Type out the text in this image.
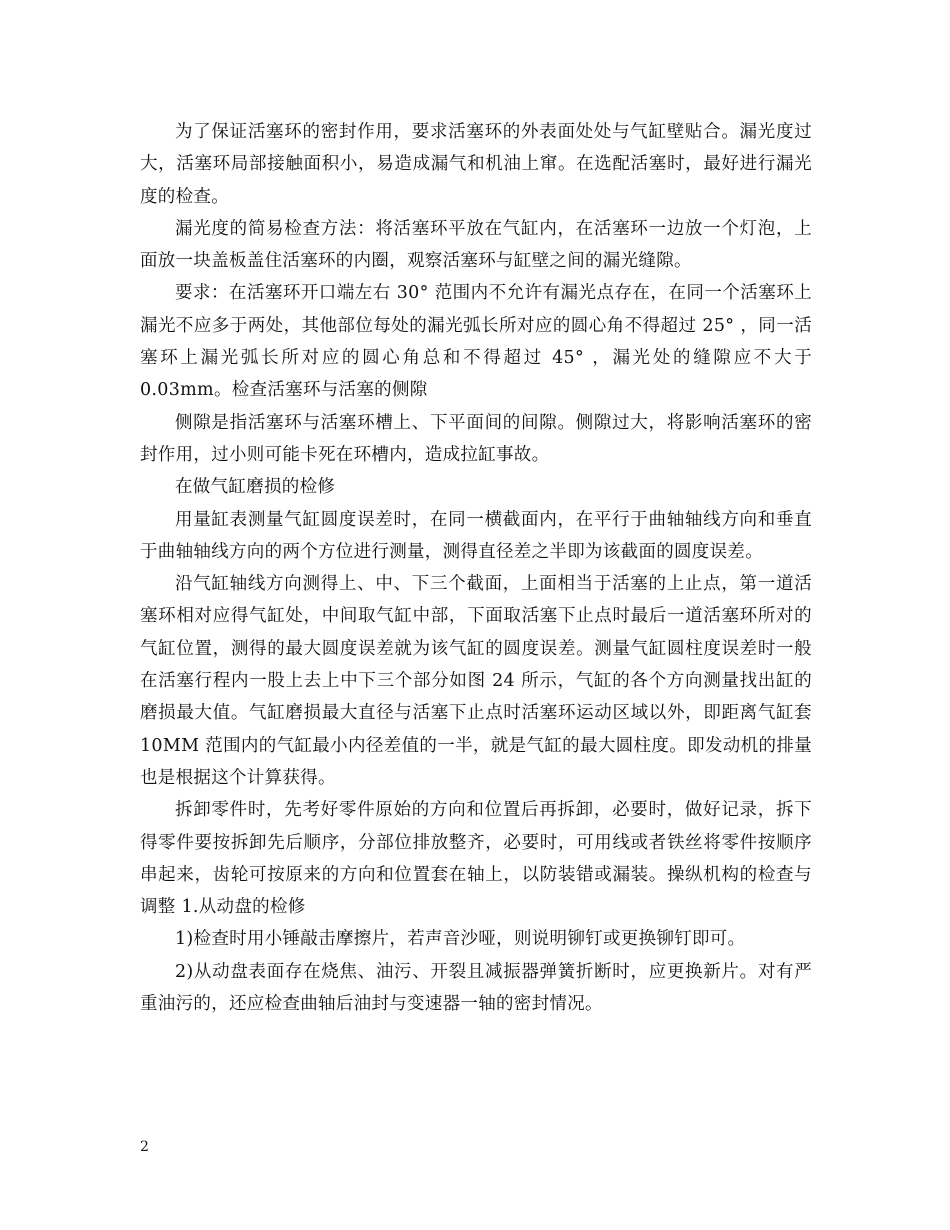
为了保证活塞环的密封作用，要求活塞环的外表面处处与气缸壁贴合。漏光度过大，活塞环局部接触面积小，易造成漏气和机油上窜。在选配活塞时，最好进行漏光度的检查。

漏光度的简易检查方法：将活塞环平放在气缸内，在活塞环一边放一个灯泡，上面放一块盖板盖住活塞环的内圈，观察活塞环与缸壁之间的漏光缝隙。

要求：在活塞环开口端左右 30° 范围内不允许有漏光点存在，在同一个活塞环上漏光不应多于两处，其他部位每处的漏光弧长所对应的圆心角不得超过 25° ，同一活塞环上漏光弧长所对应的圆心角总和不得超过 45° ，漏光处的缝隙应不大于 0.03mm。检查活塞环与活塞的侧隙

侧隙是指活塞环与活塞环槽上、下平面间的间隙。侧隙过大，将影响活塞环的密封作用，过小则可能卡死在环槽内，造成拉缸事故。

在做气缸磨损的检修

用量缸表测量气缸圆度误差时，在同一横截面内，在平行于曲轴轴线方向和垂直于曲轴轴线方向的两个方位进行测量，测得直径差之半即为该截面的圆度误差。

沿气缸轴线方向测得上、中、下三个截面，上面相当于活塞的上止点，第一道活塞环相对应得气缸处，中间取气缸中部，下面取活塞下止点时最后一道活塞环所对的气缸位置，测得的最大圆度误差就为该气缸的圆度误差。测量气缸圆柱度误差时一般在活塞行程内一股上去上中下三个部分如图 24 所示，气缸的各个方向测量找出缸的磨损最大值。气缸磨损最大直径与活塞下止点时活塞环运动区域以外，即距离气缸套 10MM 范围内的气缸最小内径差值的一半，就是气缸的最大圆柱度。即发动机的排量也是根据这个计算获得。

拆卸零件时，先考好零件原始的方向和位置后再拆卸，必要时，做好记录，拆下得零件要按拆卸先后顺序，分部位排放整齐，必要时，可用线或者铁丝将零件按顺序串起来，齿轮可按原来的方向和位置套在轴上，以防装错或漏装。操纵机构的检查与调整 1.从动盘的检修

1)检查时用小锤敲击摩擦片，若声音沙哑，则说明铆钉或更换铆钉即可。

2)从动盘表面存在烧焦、油污、开裂且减振器弹簧折断时，应更换新片。对有严重油污的，还应检查曲轴后油封与变速器一轴的密封情况。

2
